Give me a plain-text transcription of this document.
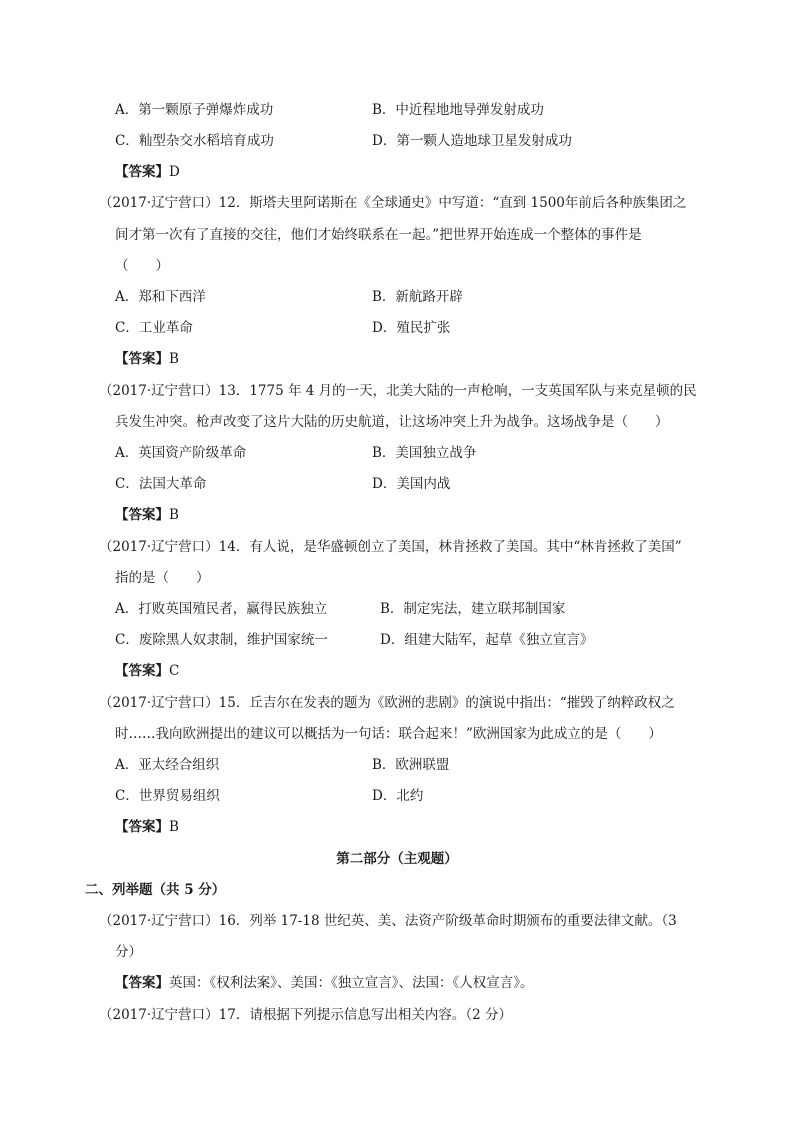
A．第一颗原子弹爆炸成功	B．中近程地地导弹发射成功
C．籼型杂交水稻培育成功	D．第一颗人造地球卫星发射成功
【答案】D
（2017·辽宁营口）12．斯塔夫里阿诺斯在《全球通史》中写道：“直到 1500年前后各种族集团之
间才第一次有了直接的交往，他们才始终联系在一起。”把世界开始连成一个整体的事件是
（　　）
A．郑和下西洋	B．新航路开辟
C．工业革命	D．殖民扩张
【答案】B
（2017·辽宁营口）13．1775 年 4 月的一天，北美大陆的一声枪响，一支英国军队与来克星顿的民
兵发生冲突。枪声改变了这片大陆的历史航道，让这场冲突上升为战争。这场战争是（　　）
A．英国资产阶级革命	B．美国独立战争
C．法国大革命	D．美国内战
【答案】B
（2017·辽宁营口）14．有人说，是华盛顿创立了美国，林肯拯救了美国。其中“林肯拯救了美国”
指的是（　　）
A．打败英国殖民者，赢得民族独立	B．制定宪法，建立联邦制国家
C．废除黑人奴隶制，维护国家统一	D．组建大陆军，起草《独立宣言》
【答案】C
（2017·辽宁营口）15．丘吉尔在发表的题为《欧洲的悲剧》的演说中指出：“摧毁了纳粹政权之
时……我向欧洲提出的建议可以概括为一句话：联合起来！”欧洲国家为此成立的是（　　）
A．亚太经合组织	B．欧洲联盟
C．世界贸易组织	D．北约
【答案】B
第二部分（主观题）
二、列举题（共 5 分）
（2017·辽宁营口）16．列举 17-18 世纪英、美、法资产阶级革命时期颁布的重要法律文献。（3
分）
【答案】英国：《权利法案》、美国：《独立宣言》、法国：《人权宣言》。
（2017·辽宁营口）17．请根据下列提示信息写出相关内容。（2 分）
